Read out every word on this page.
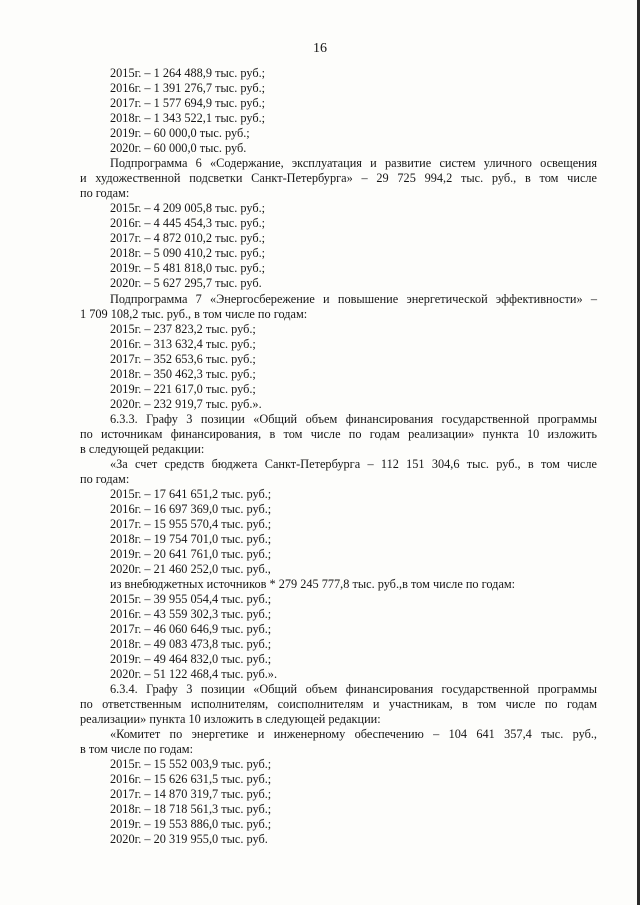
16
2015г. – 1 264 488,9 тыс. руб.;
2016г. – 1 391 276,7 тыс. руб.;
2017г. – 1 577 694,9 тыс. руб.;
2018г. – 1 343 522,1 тыс. руб.;
2019г. – 60 000,0 тыс. руб.;
2020г. – 60 000,0 тыс. руб.
Подпрограмма 6 «Содержание, эксплуатация и развитие систем уличного освещения
и художественной подсветки Санкт-Петербурга» – 29 725 994,2 тыс. руб., в том числе
по годам:
2015г. – 4 209 005,8 тыс. руб.;
2016г. – 4 445 454,3 тыс. руб.;
2017г. – 4 872 010,2 тыс. руб.;
2018г. – 5 090 410,2 тыс. руб.;
2019г. – 5 481 818,0 тыс. руб.;
2020г. – 5 627 295,7 тыс. руб.
Подпрограмма 7 «Энергосбережение и повышение энергетической эффективности» –
1 709 108,2 тыс. руб., в том числе по годам:
2015г. – 237 823,2 тыс. руб.;
2016г. – 313 632,4 тыс. руб.;
2017г. – 352 653,6 тыс. руб.;
2018г. – 350 462,3 тыс. руб.;
2019г. – 221 617,0 тыс. руб.;
2020г. – 232 919,7 тыс. руб.».
6.3.3. Графу 3 позиции «Общий объем финансирования государственной программы
по источникам финансирования, в том числе по годам реализации» пункта 10 изложить
в следующей редакции:
«За счет средств бюджета Санкт-Петербурга – 112 151 304,6 тыс. руб., в том числе
по годам:
2015г. – 17 641 651,2 тыс. руб.;
2016г. – 16 697 369,0 тыс. руб.;
2017г. – 15 955 570,4 тыс. руб.;
2018г. – 19 754 701,0 тыс. руб.;
2019г. – 20 641 761,0 тыс. руб.;
2020г. – 21 460 252,0 тыс. руб.,
из внебюджетных источников * 279 245 777,8 тыс. руб.,в том числе по годам:
2015г. – 39 955 054,4 тыс. руб.;
2016г. – 43 559 302,3 тыс. руб.;
2017г. – 46 060 646,9 тыс. руб.;
2018г. – 49 083 473,8 тыс. руб.;
2019г. – 49 464 832,0 тыс. руб.;
2020г. – 51 122 468,4 тыс. руб.».
6.3.4. Графу 3 позиции «Общий объем финансирования государственной программы
по ответственным исполнителям, соисполнителям и участникам, в том числе по годам
реализации» пункта 10 изложить в следующей редакции:
«Комитет по энергетике и инженерному обеспечению – 104 641 357,4 тыс. руб.,
в том числе по годам:
2015г. – 15 552 003,9 тыс. руб.;
2016г. – 15 626 631,5 тыс. руб.;
2017г. – 14 870 319,7 тыс. руб.;
2018г. – 18 718 561,3 тыс. руб.;
2019г. – 19 553 886,0 тыс. руб.;
2020г. – 20 319 955,0 тыс. руб.
